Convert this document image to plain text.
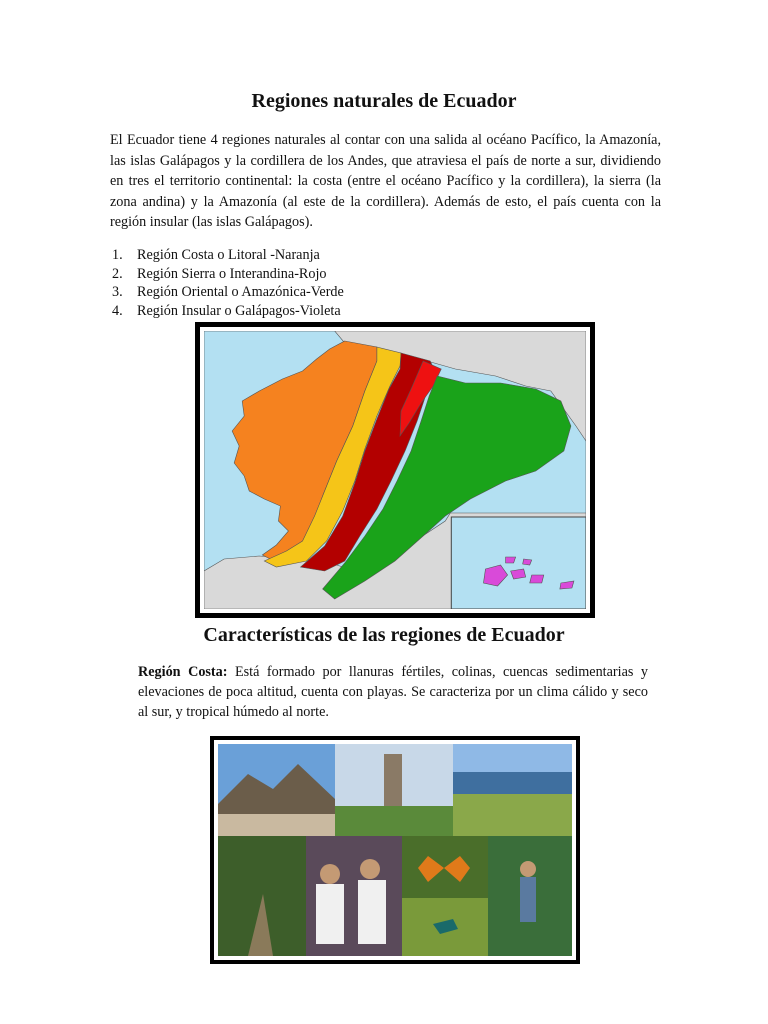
Regiones naturales de Ecuador
El Ecuador tiene 4 regiones naturales al contar con una salida al océano Pacífico, la Amazonía, las islas Galápagos y la cordillera de los Andes, que atraviesa el país de norte a sur, dividiendo en tres el territorio continental: la costa (entre el océano Pacífico y la cordillera), la sierra (la zona andina) y la Amazonía (al este de la cordillera). Además de esto, el país cuenta con la región insular (las islas Galápagos).
1. Región Costa o Litoral -Naranja
2. Región Sierra o Interandina-Rojo
3. Región Oriental o Amazónica-Verde
4. Región Insular o Galápagos-Violeta
Características de las regiones de Ecuador
Región Costa: Está formado por llanuras fértiles, colinas, cuencas sedimentarias y elevaciones de poca altitud, cuenta con playas. Se caracteriza por un clima cálido y seco al sur, y tropical húmedo al norte.
